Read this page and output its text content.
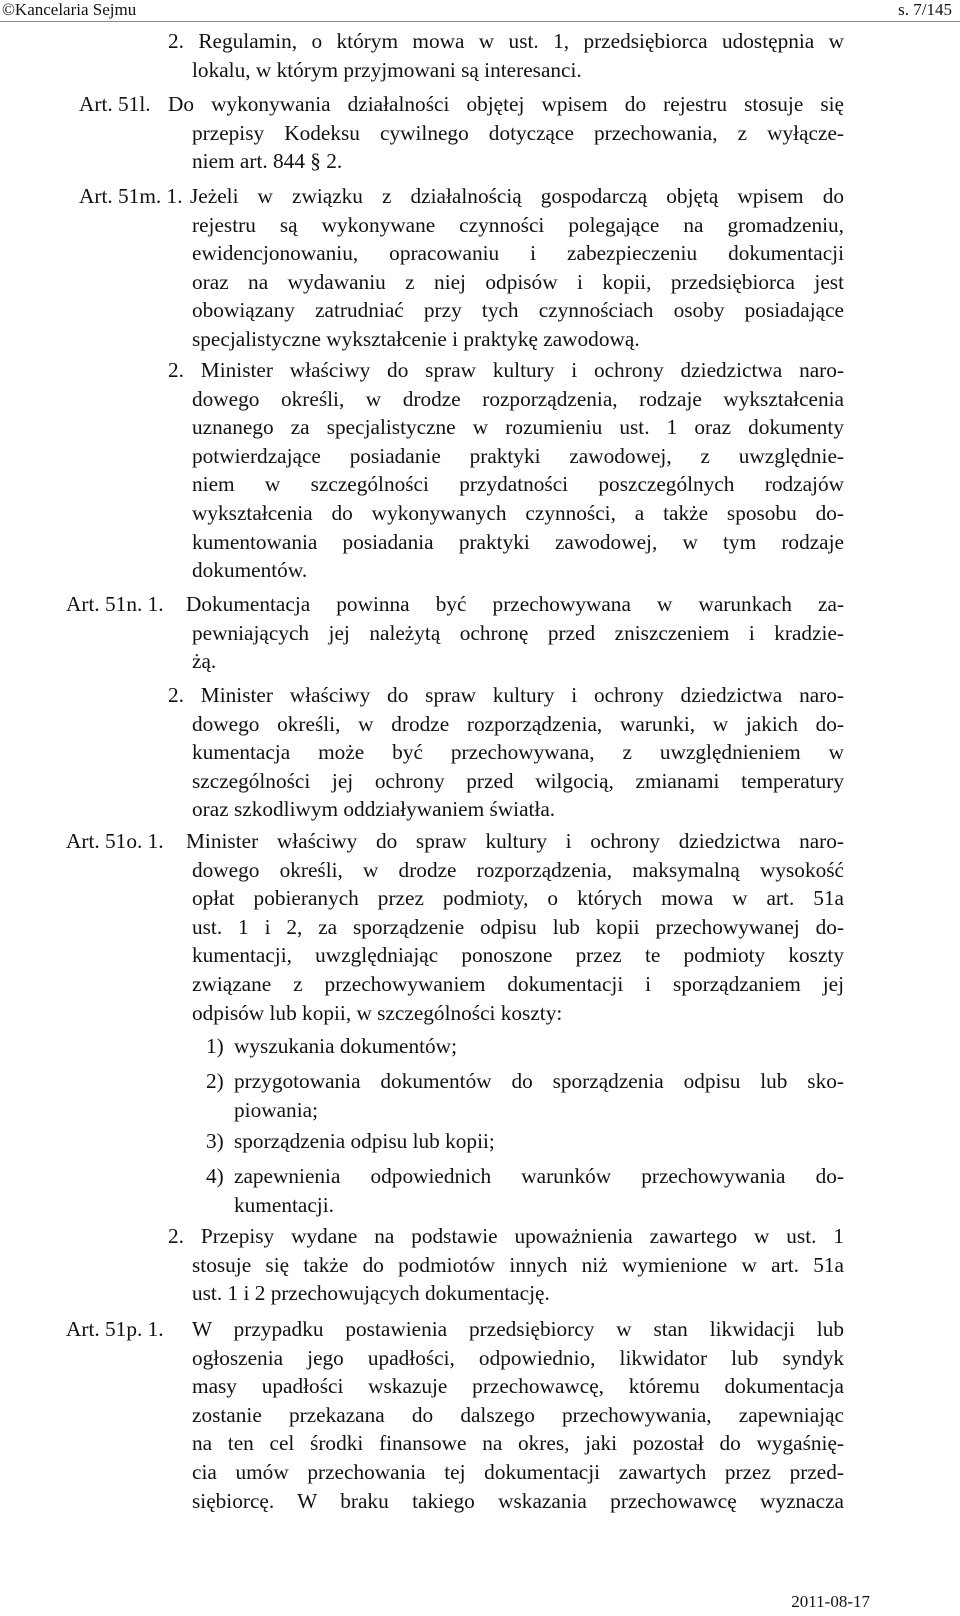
©Kancelaria Sejmu	s. 7/145
2. Regulamin, o którym mowa w ust. 1, przedsiębiorca udostępnia w
lokalu, w którym przyjmowani są interesanci.
Art. 51l. Do wykonywania działalności objętej wpisem do rejestru stosuje się
przepisy Kodeksu cywilnego dotyczące przechowania, z wyłącze-
niem art. 844 § 2.
Art. 51m. 1. Jeżeli w związku z działalnością gospodarczą objętą wpisem do
rejestru są wykonywane czynności polegające na gromadzeniu,
ewidencjonowaniu, opracowaniu i zabezpieczeniu dokumentacji
oraz na wydawaniu z niej odpisów i kopii, przedsiębiorca jest
obowiązany zatrudniać przy tych czynnościach osoby posiadające
specjalistyczne wykształcenie i praktykę zawodową.
2. Minister właściwy do spraw kultury i ochrony dziedzictwa naro-
dowego określi, w drodze rozporządzenia, rodzaje wykształcenia
uznanego za specjalistyczne w rozumieniu ust. 1 oraz dokumenty
potwierdzające posiadanie praktyki zawodowej, z uwzględnie-
niem w szczególności przydatności poszczególnych rodzajów
wykształcenia do wykonywanych czynności, a także sposobu do-
kumentowania posiadania praktyki zawodowej, w tym rodzaje
dokumentów.
Art. 51n. 1. Dokumentacja powinna być przechowywana w warunkach za-
pewniających jej należytą ochronę przed zniszczeniem i kradzie-
żą.
2. Minister właściwy do spraw kultury i ochrony dziedzictwa naro-
dowego określi, w drodze rozporządzenia, warunki, w jakich do-
kumentacja może być przechowywana, z uwzględnieniem w
szczególności jej ochrony przed wilgocią, zmianami temperatury
oraz szkodliwym oddziaływaniem światła.
Art. 51o. 1. Minister właściwy do spraw kultury i ochrony dziedzictwa naro-
dowego określi, w drodze rozporządzenia, maksymalną wysokość
opłat pobieranych przez podmioty, o których mowa w art. 51a
ust. 1 i 2, za sporządzenie odpisu lub kopii przechowywanej do-
kumentacji, uwzględniając ponoszone przez te podmioty koszty
związane z przechowywaniem dokumentacji i sporządzaniem jej
odpisów lub kopii, w szczególności koszty:
1) wyszukania dokumentów;
2) przygotowania dokumentów do sporządzenia odpisu lub sko-
piowania;
3) sporządzenia odpisu lub kopii;
4) zapewnienia odpowiednich warunków przechowywania do-
kumentacji.
2. Przepisy wydane na podstawie upoważnienia zawartego w ust. 1
stosuje się także do podmiotów innych niż wymienione w art. 51a
ust. 1 i 2 przechowujących dokumentację.
Art. 51p. 1. W przypadku postawienia przedsiębiorcy w stan likwidacji lub
ogłoszenia jego upadłości, odpowiednio, likwidator lub syndyk
masy upadłości wskazuje przechowawcę, któremu dokumentacja
zostanie przekazana do dalszego przechowywania, zapewniając
na ten cel środki finansowe na okres, jaki pozostał do wygaśnię-
cia umów przechowania tej dokumentacji zawartych przez przed-
siębiorcę. W braku takiego wskazania przechowawcę wyznacza
2011-08-17
